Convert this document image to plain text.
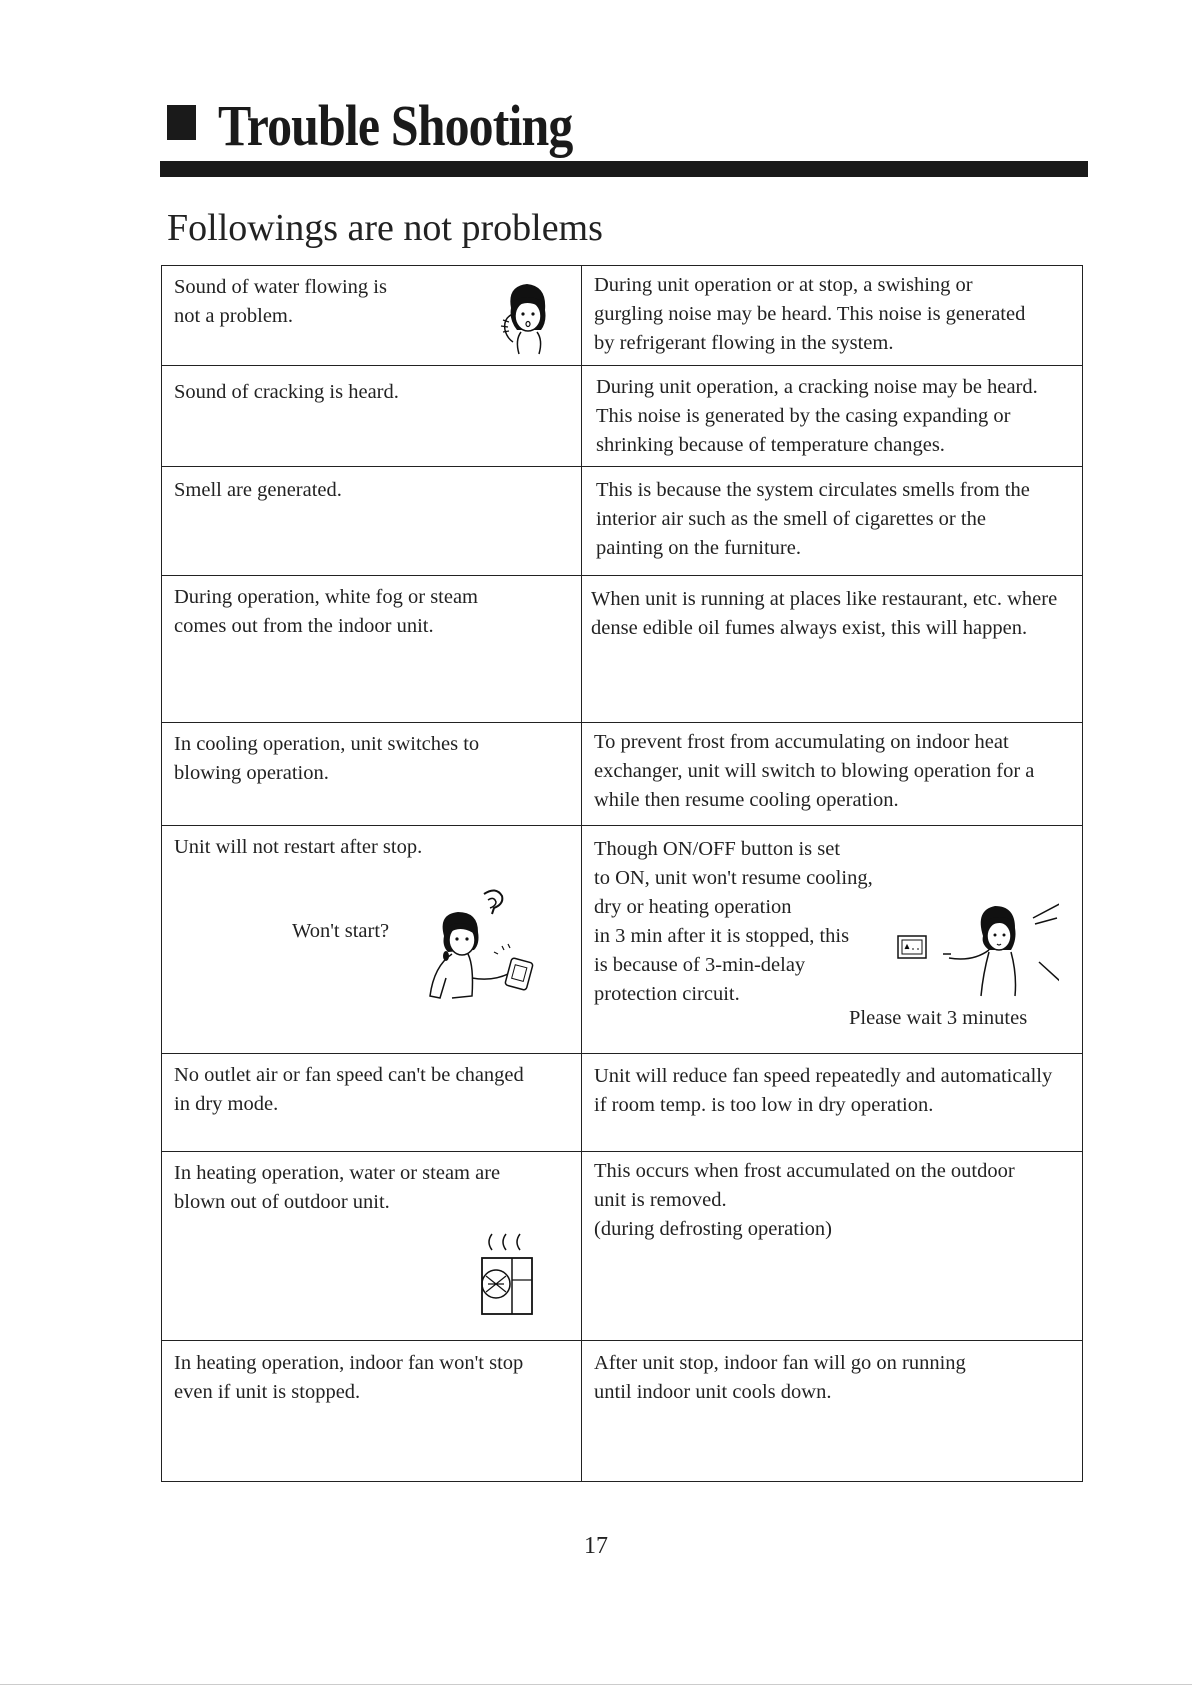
Trouble Shooting
Followings are not problems
Sound of water flowing is
not a problem.
During unit operation or at stop, a swishing or
gurgling noise may be heard. This noise is generated
by refrigerant flowing in the system.
Sound of cracking is heard.	During unit operation, a cracking noise may be heard.
This noise is generated by the casing expanding or
shrinking because of temperature changes.
Smell are generated.	This is because the system circulates smells from the
interior air such as the smell of cigarettes or the
painting on the furniture.
During operation, white fog or steam
comes out from the indoor unit.
When unit is running at places like restaurant, etc. where
dense edible oil fumes always exist, this will happen.
In cooling operation, unit switches to
blowing operation.
To prevent frost from accumulating on indoor heat
exchanger, unit will switch to blowing operation for a
while then resume cooling operation.
Unit will not restart after stop.
Won't start?
Though ON/OFF button is set
to ON, unit won't resume cooling,
dry or heating operation
in 3 min after it is stopped, this
is because of 3-min-delay
protection circuit.
Please wait 3 minutes
No outlet air or fan speed can't be changed
in dry mode.
Unit will reduce fan speed repeatedly and automatically
if room temp. is too low in dry operation.
In heating operation, water or steam are
blown out of outdoor unit.
This occurs when frost accumulated on the outdoor
unit is removed.
(during defrosting operation)
In heating operation, indoor fan won't stop
even if unit is stopped.
After unit stop, indoor fan will go on running
until indoor unit cools down.
17
